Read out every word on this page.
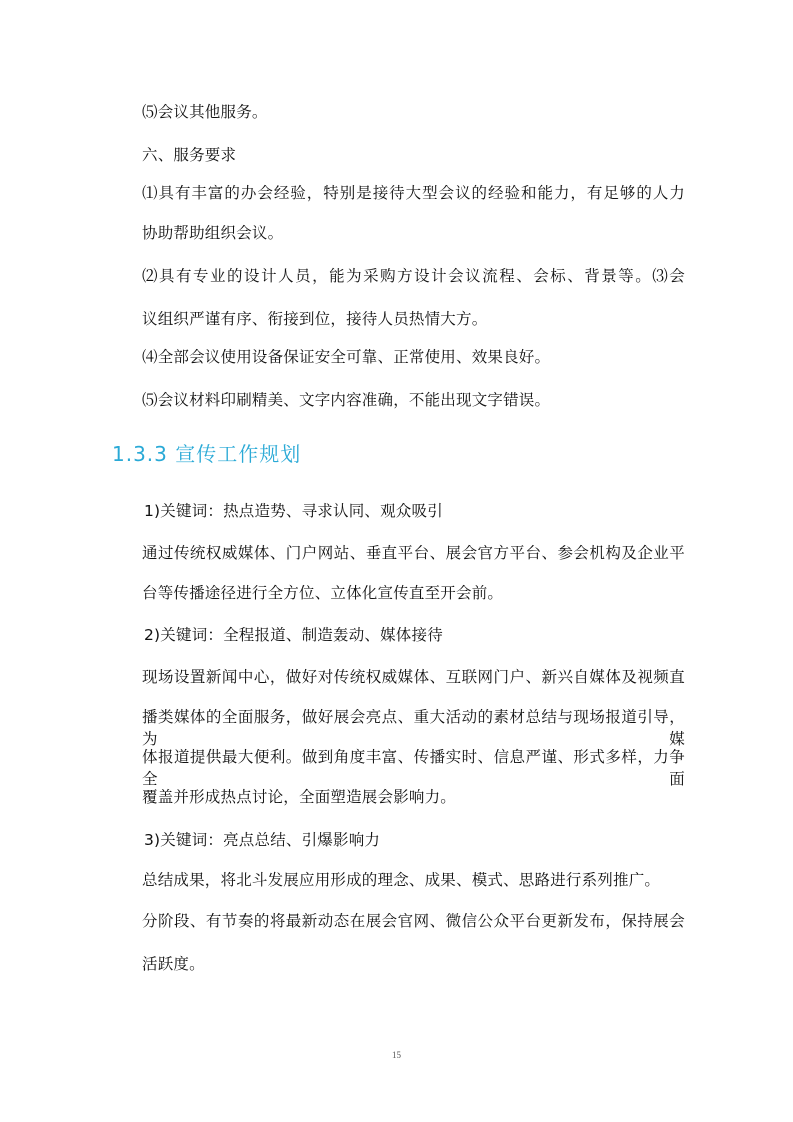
⑸会议其他服务。
六、服务要求
⑴具有丰富的办会经验，特别是接待大型会议的经验和能力，有足够的人力
协助帮助组织会议。
⑵具有专业的设计人员，能为采购方设计会议流程、会标、背景等。⑶会
议组织严谨有序、衔接到位，接待人员热情大方。
⑷全部会议使用设备保证安全可靠、正常使用、效果良好。
⑸会议材料印刷精美、文字内容准确，不能出现文字错误。
1.3.3 宣传工作规划
1)关键词：热点造势、寻求认同、观众吸引
通过传统权威媒体、门户网站、垂直平台、展会官方平台、参会机构及企业平
台等传播途径进行全方位、立体化宣传直至开会前。
2)关键词：全程报道、制造轰动、媒体接待
现场设置新闻中心，做好对传统权威媒体、互联网门户、新兴自媒体及视频直
播类媒体的全面服务，做好展会亮点、重大活动的素材总结与现场报道引导，为媒
体报道提供最大便利。做到角度丰富、传播实时、信息严谨、形式多样，力争全面
覆盖并形成热点讨论，全面塑造展会影响力。
3)关键词：亮点总结、引爆影响力
总结成果，将北斗发展应用形成的理念、成果、模式、思路进行系列推广。
分阶段、有节奏的将最新动态在展会官网、微信公众平台更新发布，保持展会
活跃度。
15
